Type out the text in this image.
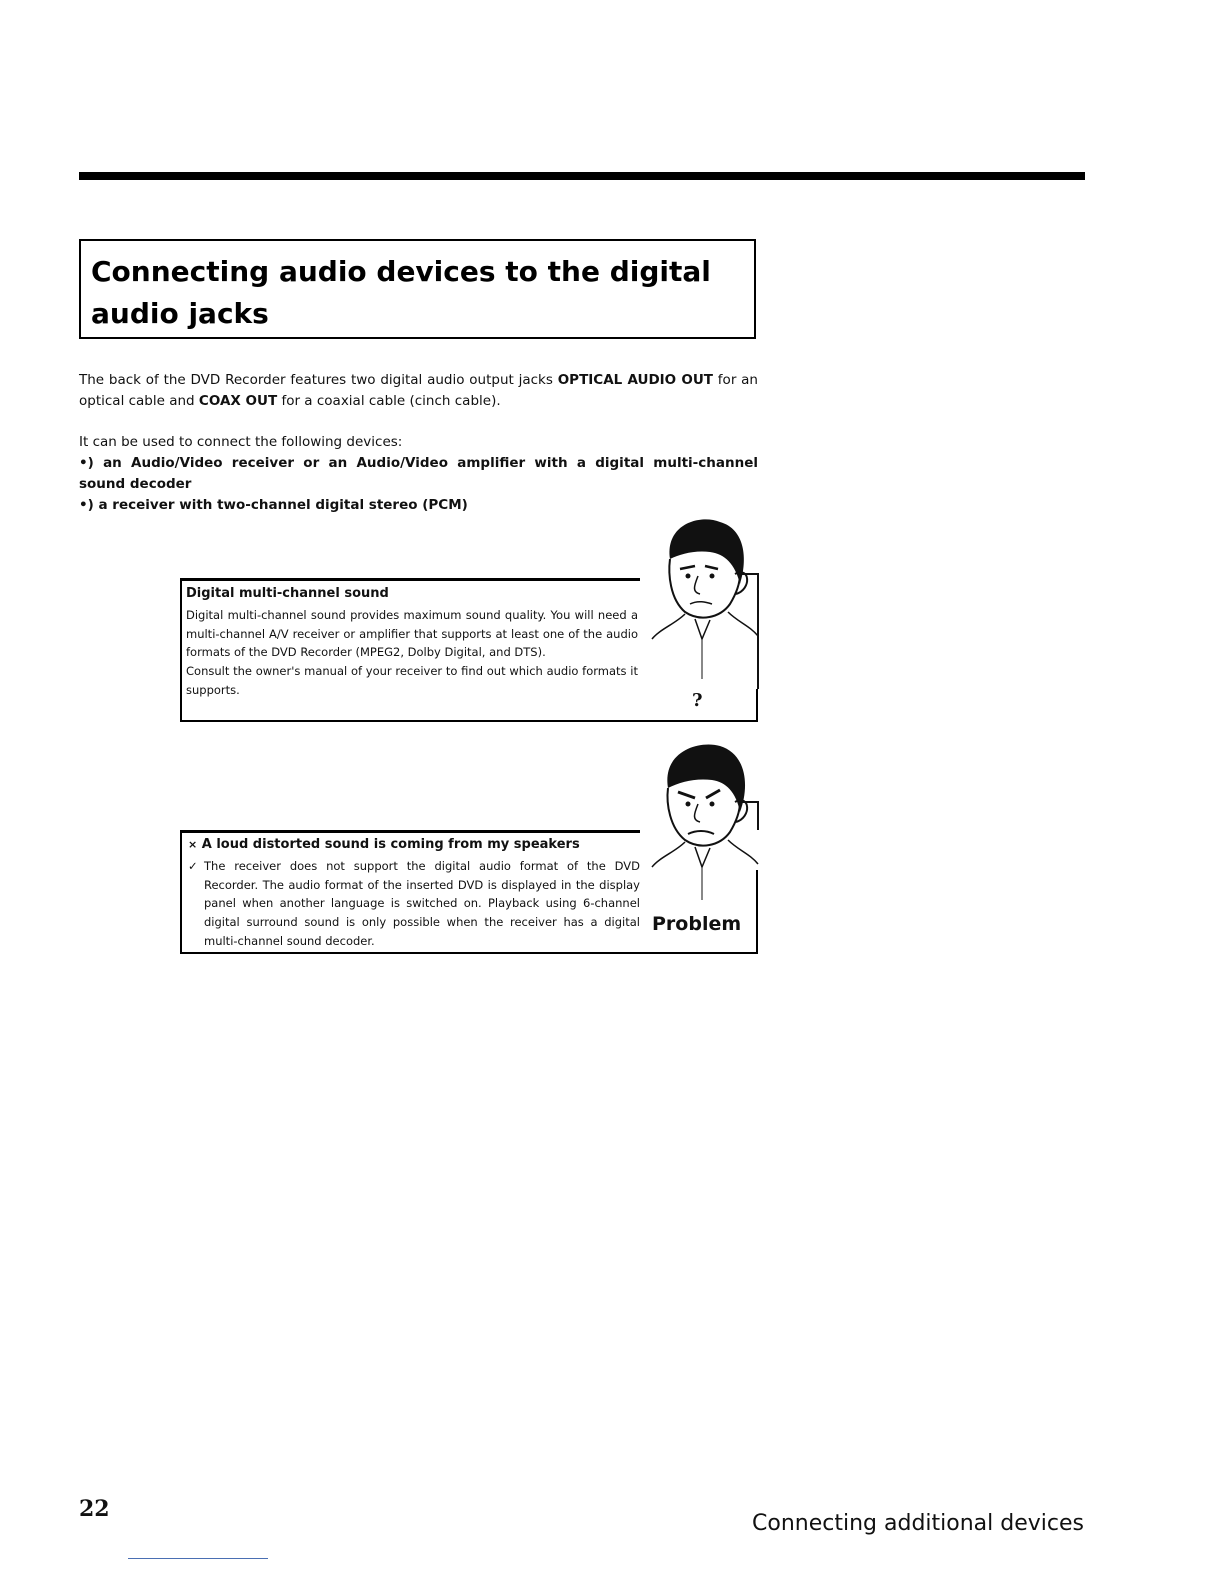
Connecting audio devices to the digital
audio jacks

The back of the DVD Recorder features two digital audio output jacks OPTICAL AUDIO OUT for an optical cable and COAX OUT for a coaxial cable (cinch cable).

It can be used to connect the following devices:

•) an Audio/Video receiver or an Audio/Video amplifier with a digital multi-channel sound decoder

•) a receiver with two-channel digital stereo (PCM)

Digital multi-channel sound
Digital multi-channel sound provides maximum sound quality. You will need a multi-channel A/V receiver or amplifier that supports at least one of the audio formats of the DVD Recorder (MPEG2, Dolby Digital, and DTS).
Consult the owner's manual of your receiver to find out which audio formats it supports.
?
× A loud distorted sound is coming from my speakers
✓ The receiver does not support the digital audio format of the DVD Recorder. The audio format of the inserted DVD is displayed in the display panel when another language is switched on. Playback using 6-channel digital surround sound is only possible when the receiver has a digital multi-channel sound decoder.
Problem
22
Connecting additional devices
